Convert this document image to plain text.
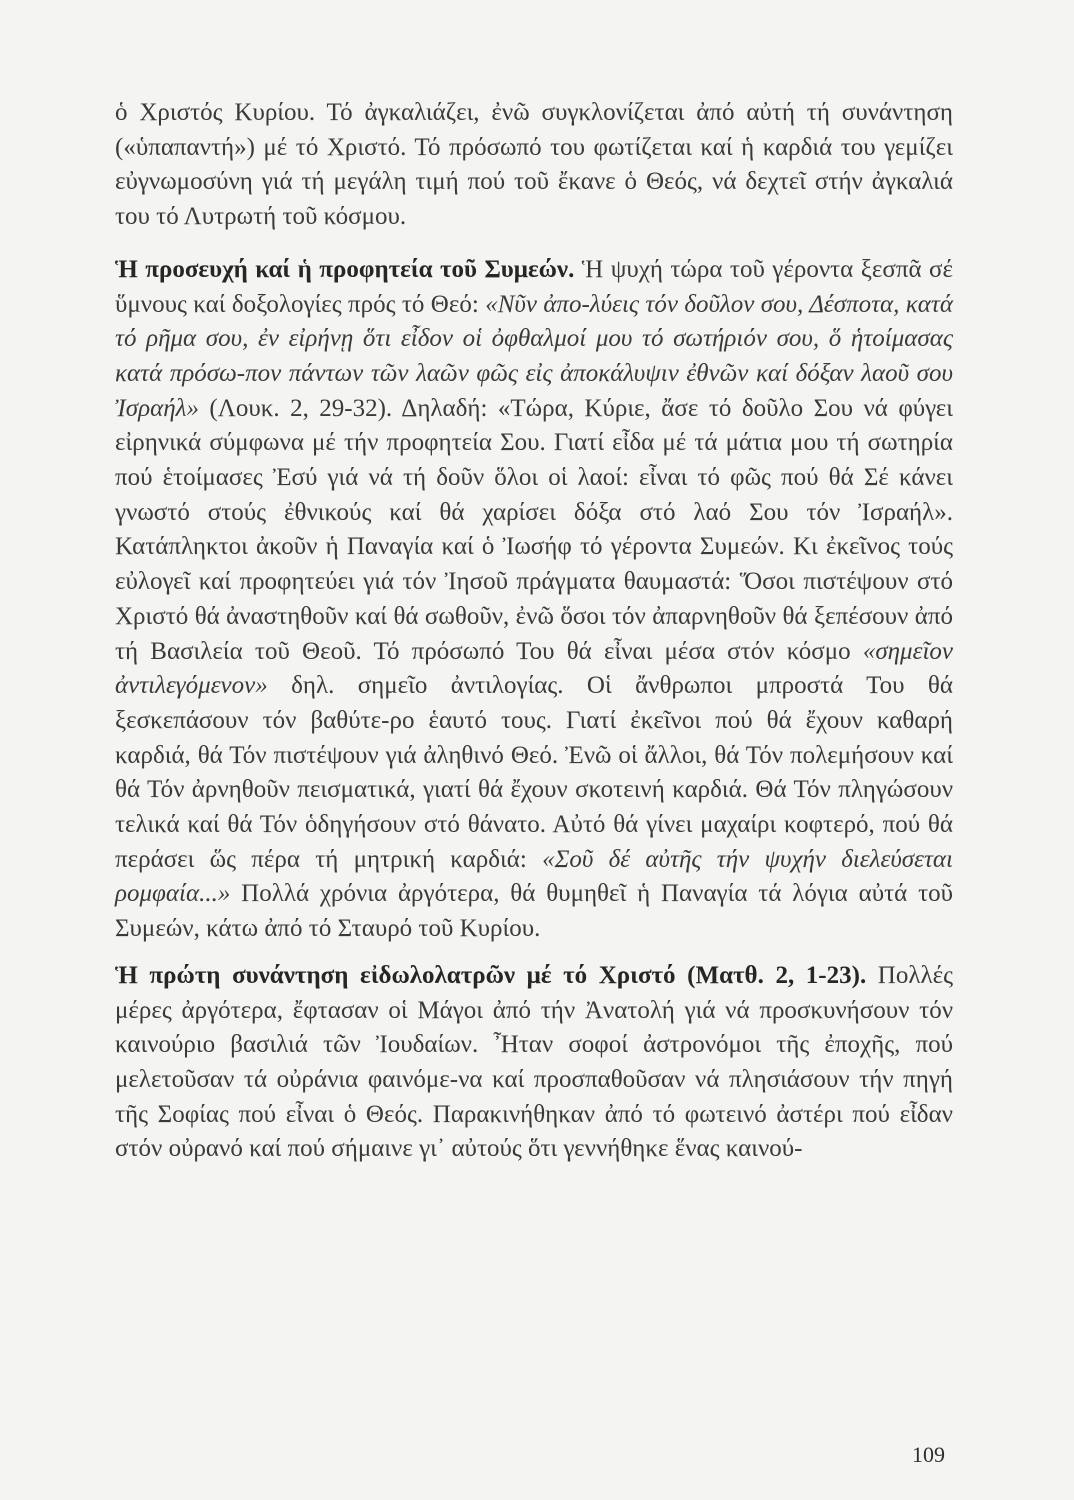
ὁ Χριστός Κυρίου. Τό ἀγκαλιάζει, ἐνῶ συγκλονίζεται ἀπό αὐτή τή συνάντηση («ὑπαπαντή») μέ τό Χριστό. Τό πρόσωπό του φωτίζεται καί ἡ καρδιά του γεμίζει εὐγνωμοσύνη γιά τή μεγάλη τιμή πού τοῦ ἔκανε ὁ Θεός, νά δεχτεῖ στήν ἀγκαλιά του τό Λυτρωτή τοῦ κόσμου.

Ἡ προσευχή καί ἡ προφητεία τοῦ Συμεών. Ἡ ψυχή τώρα τοῦ γέροντα ξεσπᾶ σέ ὕμνους καί δοξολογίες πρός τό Θεό: «Νῦν ἀπο-λύεις τόν δοῦλον σου, Δέσποτα, κατά τό ρῆμα σου, ἐν εἰρήνῃ ὅτι εἶδον οἱ ὀφθαλμοί μου τό σωτήριόν σου, ὅ ἡτοίμασας κατά πρόσω-πον πάντων τῶν λαῶν φῶς εἰς ἀποκάλυψιν ἐθνῶν καί δόξαν λαοῦ σου Ἰσραήλ» (Λουκ. 2, 29-32). Δηλαδή: «Τώρα, Κύριε, ἄσε τό δοῦλο Σου νά φύγει εἰρηνικά σύμφωνα μέ τήν προφητεία Σου. Γιατί εἶδα μέ τά μάτια μου τή σωτηρία πού ἑτοίμασες Ἐσύ γιά νά τή δοῦν ὅλοι οἱ λαοί: εἶναι τό φῶς πού θά Σέ κάνει γνωστό στούς ἐθνικούς καί θά χαρίσει δόξα στό λαό Σου τόν Ἰσραήλ». Κατάπληκτοι ἀκοῦν ἡ Παναγία καί ὁ Ἰωσήφ τό γέροντα Συμεών. Κι ἐκεῖνος τούς εὐλογεῖ καί προφητεύει γιά τόν Ἰησοῦ πράγματα θαυμαστά: Ὅσοι πιστέψουν στό Χριστό θά ἀναστηθοῦν καί θά σωθοῦν, ἐνῶ ὅσοι τόν ἀπαρνηθοῦν θά ξεπέσουν ἀπό τή Βασιλεία τοῦ Θεοῦ. Τό πρόσωπό Του θά εἶναι μέσα στόν κόσμο «σημεῖον ἀντιλεγόμενον» δηλ. σημεῖο ἀντιλογίας. Οἱ ἄνθρωποι μπροστά Του θά ξεσκεπάσουν τόν βαθύτε-ρο ἑαυτό τους. Γιατί ἐκεῖνοι πού θά ἔχουν καθαρή καρδιά, θά Τόν πιστέψουν γιά ἀληθινό Θεό. Ἐνῶ οἱ ἄλλοι, θά Τόν πολεμήσουν καί θά Τόν ἀρνηθοῦν πεισματικά, γιατί θά ἔχουν σκοτεινή καρδιά. Θά Τόν πληγώσουν τελικά καί θά Τόν ὁδηγήσουν στό θάνατο. Αὐτό θά γίνει μαχαίρι κοφτερό, πού θά περάσει ὥς πέρα τή μητρική καρδιά: «Σοῦ δέ αὐτῆς τήν ψυχήν διελεύσεται ρομφαία...» Πολλά χρόνια ἀργότερα, θά θυμηθεῖ ἡ Παναγία τά λόγια αὐτά τοῦ Συμεών, κάτω ἀπό τό Σταυρό τοῦ Κυρίου.

Ἡ πρώτη συνάντηση εἰδωλολατρῶν μέ τό Χριστό (Ματθ. 2, 1-23). Πολλές μέρες ἀργότερα, ἔφτασαν οἱ Μάγοι ἀπό τήν Ἀνατολή γιά νά προσκυνήσουν τόν καινούριο βασιλιά τῶν Ἰουδαίων. Ἦταν σοφοί ἀστρονόμοι τῆς ἐποχῆς, πού μελετοῦσαν τά οὐράνια φαινόμε-να καί προσπαθοῦσαν νά πλησιάσουν τήν πηγή τῆς Σοφίας πού εἶναι ὁ Θεός. Παρακινήθηκαν ἀπό τό φωτεινό ἀστέρι πού εἶδαν στόν οὐρανό καί πού σήμαινε γι᾽ αὐτούς ὅτι γεννήθηκε ἕνας καινού-

109
